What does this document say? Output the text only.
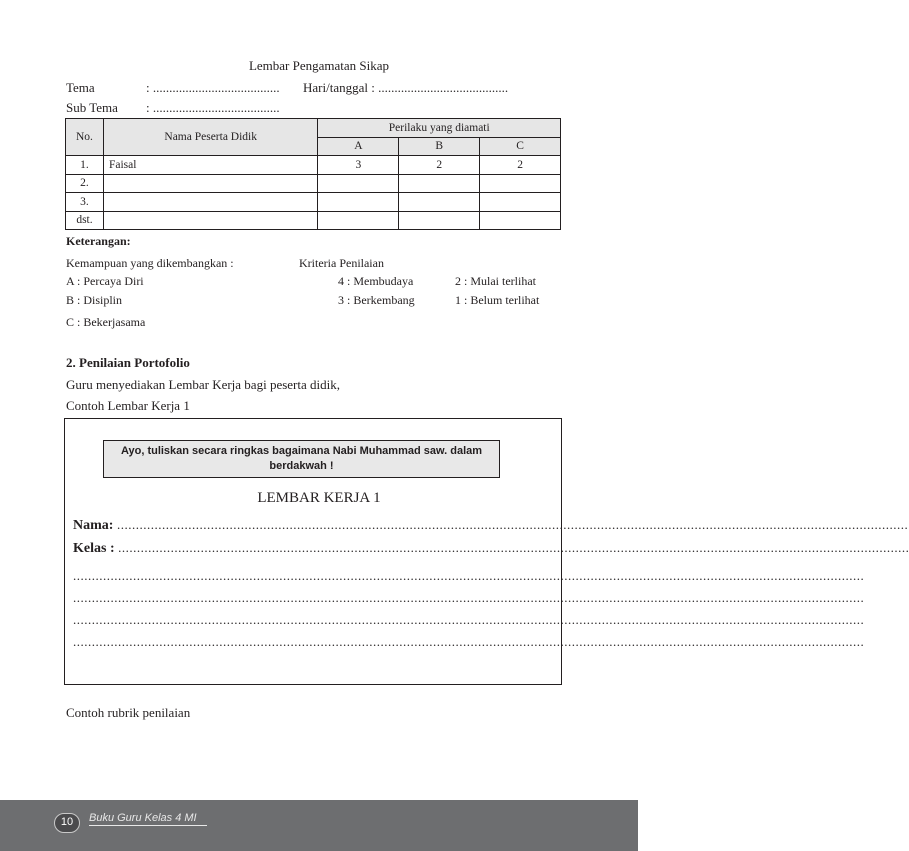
Lembar Pengamatan Sikap
Tema	: ....................................... Hari/tanggal : ........................................
Sub Tema : .......................................
No.	Nama Peserta Didik	Perilaku yang diamati		
		A	B	C
1.	Faisal	3	2	2
2.				
3.				
dst.				
Keterangan:
Kemampuan yang dikembangkan :	Kriteria Penilaian
A : Percaya Diri	4 : Membudaya	2 : Mulai terlihat
B : Disiplin	3 : Berkembang	1 : Belum terlihat
C : Bekerjasama
2. Penilaian Portofolio
Guru menyediakan Lembar Kerja bagi peserta didik,
Contoh Lembar Kerja 1
Ayo, tuliskan secara ringkas bagaimana Nabi Muhammad saw. dalam
berdakwah !
LEMBAR KERJA 1
Nama: ...................................................................................................................................................................................................................
Kelas : ...................................................................................................................................................................................................................
...................................................................................................................................................................................................................
...................................................................................................................................................................................................................
...................................................................................................................................................................................................................
...................................................................................................................................................................................................................
Contoh rubrik penilaian
10	Buku Guru Kelas 4 MI
